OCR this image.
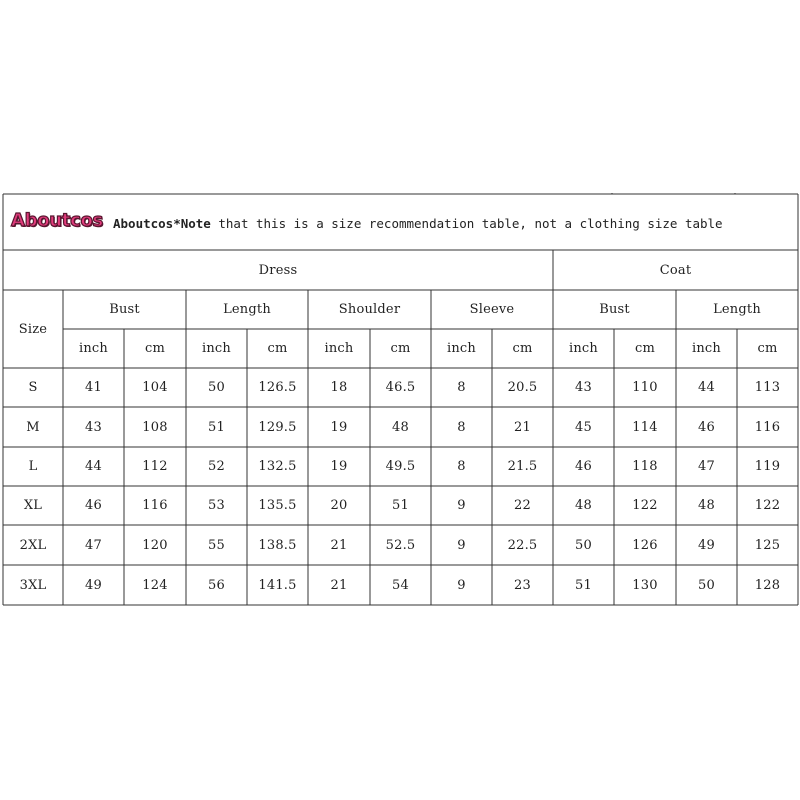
Aboutcos Aboutcos*Note that this is a size recommendation table, not a clothing size table
Dress	Coat
Size
Bust	Length	Shoulder	Sleeve	Bust	Length
inch	cm	inch	cm	inch	cm	inch	cm	inch	cm	inch	cm
S	41	104	50	126.5	18	46.5	8	20.5	43	110	44	113
M	43	108	51	129.5	19	48	8	21	45	114	46	116
L	44	112	52	132.5	19	49.5	8	21.5	46	118	47	119
XL	46	116	53	135.5	20	51	9	22	48	122	48	122
2XL	47	120	55	138.5	21	52.5	9	22.5	50	126	49	125
3XL	49	124	56	141.5	21	54	9	23	51	130	50	128
